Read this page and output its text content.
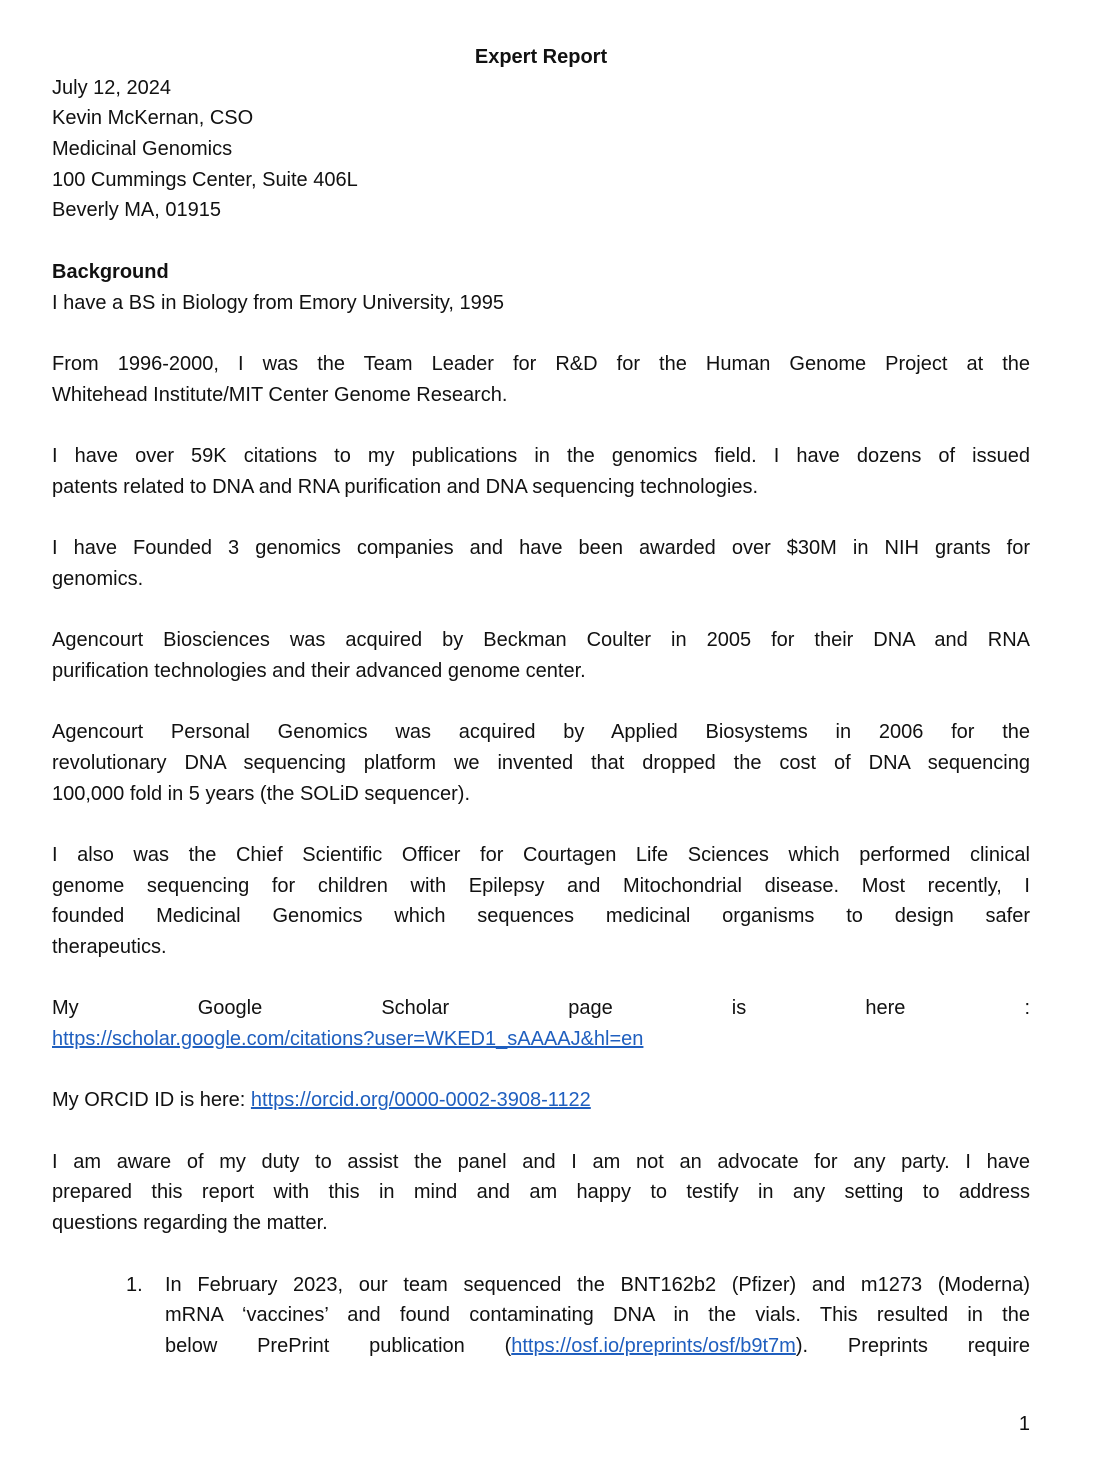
Expert Report
July 12, 2024
Kevin McKernan, CSO
Medicinal Genomics
100 Cummings Center, Suite 406L
Beverly MA, 01915
Background
I have a BS in Biology from Emory University, 1995
From 1996-2000, I was the Team Leader for R&D for the Human Genome Project at the
Whitehead Institute/MIT Center Genome Research.
I have over 59K citations to my publications in the genomics field. I have dozens of issued
patents related to DNA and RNA purification and DNA sequencing technologies.
I have Founded 3 genomics companies and have been awarded over $30M in NIH grants for
genomics.
Agencourt Biosciences was acquired by Beckman Coulter in 2005 for their DNA and RNA
purification technologies and their advanced genome center.
Agencourt Personal Genomics was acquired by Applied Biosystems in 2006 for the
revolutionary DNA sequencing platform we invented that dropped the cost of DNA sequencing
100,000 fold in 5 years (the SOLiD sequencer).
I also was the Chief Scientific Officer for Courtagen Life Sciences which performed clinical
genome sequencing for children with Epilepsy and Mitochondrial disease. Most recently, I
founded Medicinal Genomics which sequences medicinal organisms to design safer
therapeutics.
My Google Scholar page is here :
https://scholar.google.com/citations?user=WKED1_sAAAAJ&hl=en
My ORCID ID is here: https://orcid.org/0000-0002-3908-1122
I am aware of my duty to assist the panel and I am not an advocate for any party. I have
prepared this report with this in mind and am happy to testify in any setting to address
questions regarding the matter.
1. In February 2023, our team sequenced the BNT162b2 (Pfizer) and m1273 (Moderna)
mRNA ‘vaccines’ and found contaminating DNA in the vials. This resulted in the
below PrePrint publication (https://osf.io/preprints/osf/b9t7m). Preprints require
1
